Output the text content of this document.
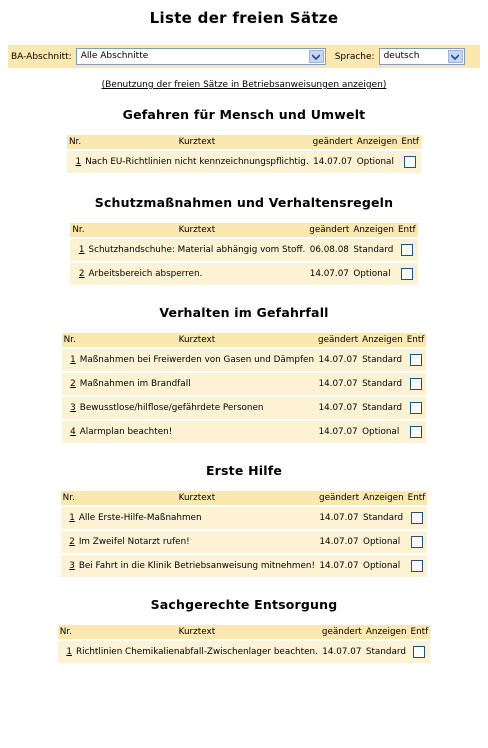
Liste der freien Sätze
BA-Abschnitt:	Alle Abschnitte	Sprache:	deutsch
(Benutzung der freien Sätze in Betriebsanweisungen anzeigen)
Gefahren für Mensch und Umwelt
Nr.	Kurztext	geändert	Anzeigen	Entf
1	Nach EU-Richtlinien nicht kennzeichnungspflichtig.	14.07.07	Optional	
Schutzmaßnahmen und Verhaltensregeln
Nr.	Kurztext	geändert	Anzeigen	Entf
1	Schutzhandschuhe: Material abhängig vom Stoff.	06.08.08	Standard	
2	Arbeitsbereich absperren.	14.07.07	Optional	
Verhalten im Gefahrfall
Nr.	Kurztext	geändert	Anzeigen	Entf
1	Maßnahmen bei Freiwerden von Gasen und Dämpfen	14.07.07	Standard	
2	Maßnahmen im Brandfall	14.07.07	Standard	
3	Bewusstlose/hilflose/gefährdete Personen	14.07.07	Standard	
4	Alarmplan beachten!	14.07.07	Optional	
Erste Hilfe
Nr.	Kurztext	geändert	Anzeigen	Entf
1	Alle Erste-Hilfe-Maßnahmen	14.07.07	Standard	
2	Im Zweifel Notarzt rufen!	14.07.07	Optional	
3	Bei Fahrt in die Klinik Betriebsanweisung mitnehmen!	14.07.07	Optional	
Sachgerechte Entsorgung
Nr.	Kurztext	geändert	Anzeigen	Entf
1	Richtlinien Chemikalienabfall-Zwischenlager beachten.	14.07.07	Standard	
